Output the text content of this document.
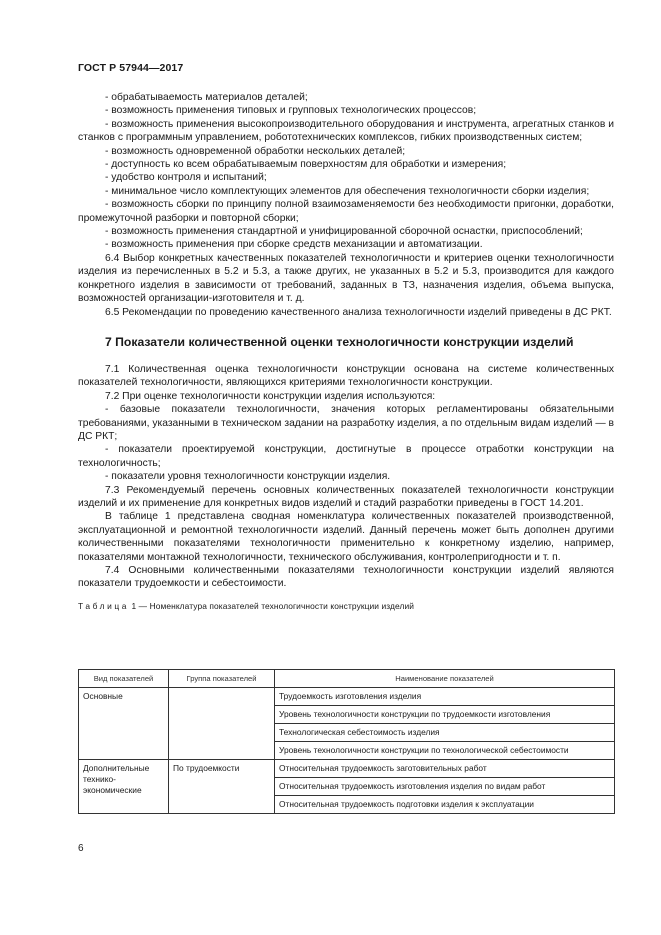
ГОСТ Р 57944—2017

- обрабатываемость материалов деталей;

- возможность применения типовых и групповых технологических процессов;

- возможность применения высокопроизводительного оборудования и инструмента, агрегатных станков и станков с программным управлением, робототехнических комплексов, гибких производственных систем;

- возможность одновременной обработки нескольких деталей;

- доступность ко всем обрабатываемым поверхностям для обработки и измерения;

- удобство контроля и испытаний;

- минимальное число комплектующих элементов для обеспечения технологичности сборки изделия;

- возможность сборки по принципу полной взаимозаменяемости без необходимости пригонки, доработки, промежуточной разборки и повторной сборки;

- возможность применения стандартной и унифицированной сборочной оснастки, приспособлений;

- возможность применения при сборке средств механизации и автоматизации.

6.4 Выбор конкретных качественных показателей технологичности и критериев оценки технологичности изделия из перечисленных в 5.2 и 5.3, а также других, не указанных в 5.2 и 5.3, производится для каждого конкретного изделия в зависимости от требований, заданных в ТЗ, назначения изделия, объема выпуска, возможностей организации-изготовителя и т. д.

6.5 Рекомендации по проведению качественного анализа технологичности изделий приведены в ДС РКТ.

7 Показатели количественной оценки технологичности конструкции изделий

7.1 Количественная оценка технологичности конструкции основана на системе количественных показателей технологичности, являющихся критериями технологичности конструкции.

7.2 При оценке технологичности конструкции изделия используются:

- базовые показатели технологичности, значения которых регламентированы обязательными требованиями, указанными в техническом задании на разработку изделия, а по отдельным видам изделий — в ДС РКТ;

- показатели проектируемой конструкции, достигнутые в процессе отработки конструкции на технологичность;

- показатели уровня технологичности конструкции изделия.

7.3 Рекомендуемый перечень основных количественных показателей технологичности конструкции изделий и их применение для конкретных видов изделий и стадий разработки приведены в ГОСТ 14.201.

В таблице 1 представлена сводная номенклатура количественных показателей производственной, эксплуатационной и ремонтной технологичности изделий. Данный перечень может быть дополнен другими количественными показателями технологичности применительно к конкретному изделию, например, показателями монтажной технологичности, технического обслуживания, контролепригодности и т. п.

7.4 Основными количественными показателями технологичности конструкции изделий являются показатели трудоемкости и себестоимости.

Таблица 1 — Номенклатура показателей технологичности конструкции изделий
Вид показателей	Группа показателей	Наименование показателей
Основные		Трудоемкость изготовления изделия
		Уровень технологичности конструкции по трудоемкости изготовления
		Технологическая себестоимость изделия
		Уровень технологичности конструкции по технологической себестоимости
Дополнительные технико-экономические	По трудоемкости	Относительная трудоемкость заготовительных работ
		Относительная трудоемкость изготовления изделия по видам работ
		Относительная трудоемкость подготовки изделия к эксплуатации
6
